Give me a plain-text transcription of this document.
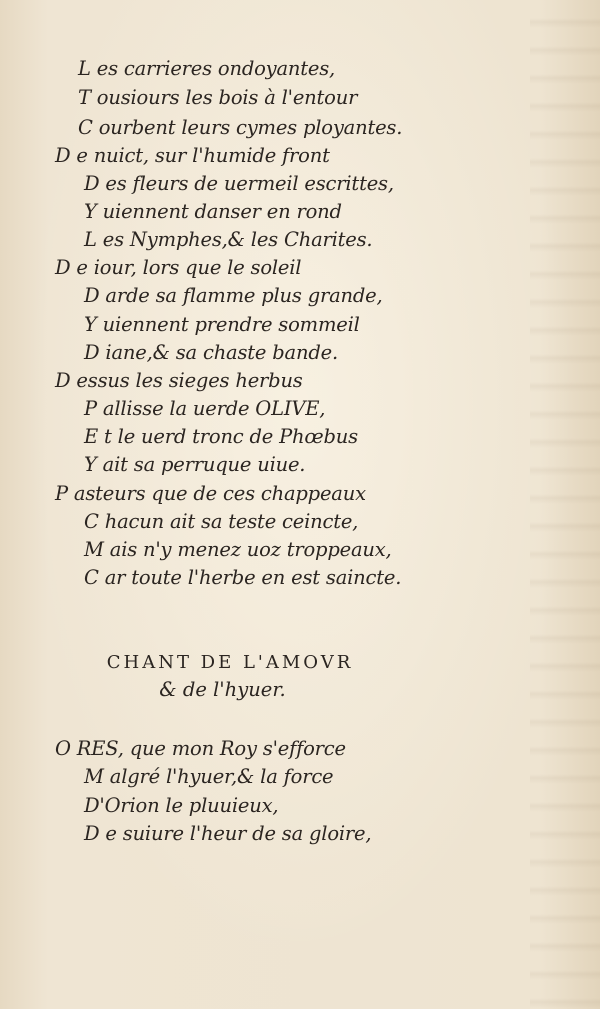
L es carrieres ondoyantes,
T ousiours les bois à l'entour
C ourbent leurs cymes ployantes.
D e nuict, sur l'humide front
D es fleurs de uermeil escrittes,
Y uiennent danser en rond
L es Nymphes,& les Charites.
D e iour, lors que le soleil
D arde sa flamme plus grande,
Y uiennent prendre sommeil
D iane,& sa chaste bande.
D essus les sieges herbus
P allisse la uerde OLIVE,
E t le uerd tronc de Phœbus
Y ait sa perruque uiue.
P asteurs que de ces chappeaux
C hacun ait sa teste ceincte,
M ais n'y menez uoz troppeaux,
C ar toute l'herbe en est saincte.
CHANT DE L'AMOVR
& de l'hyuer.
O RES, que mon Roy s'efforce
M algré l'hyuer,& la force
D'Orion le pluuieux,
D e suiure l'heur de sa gloire,
